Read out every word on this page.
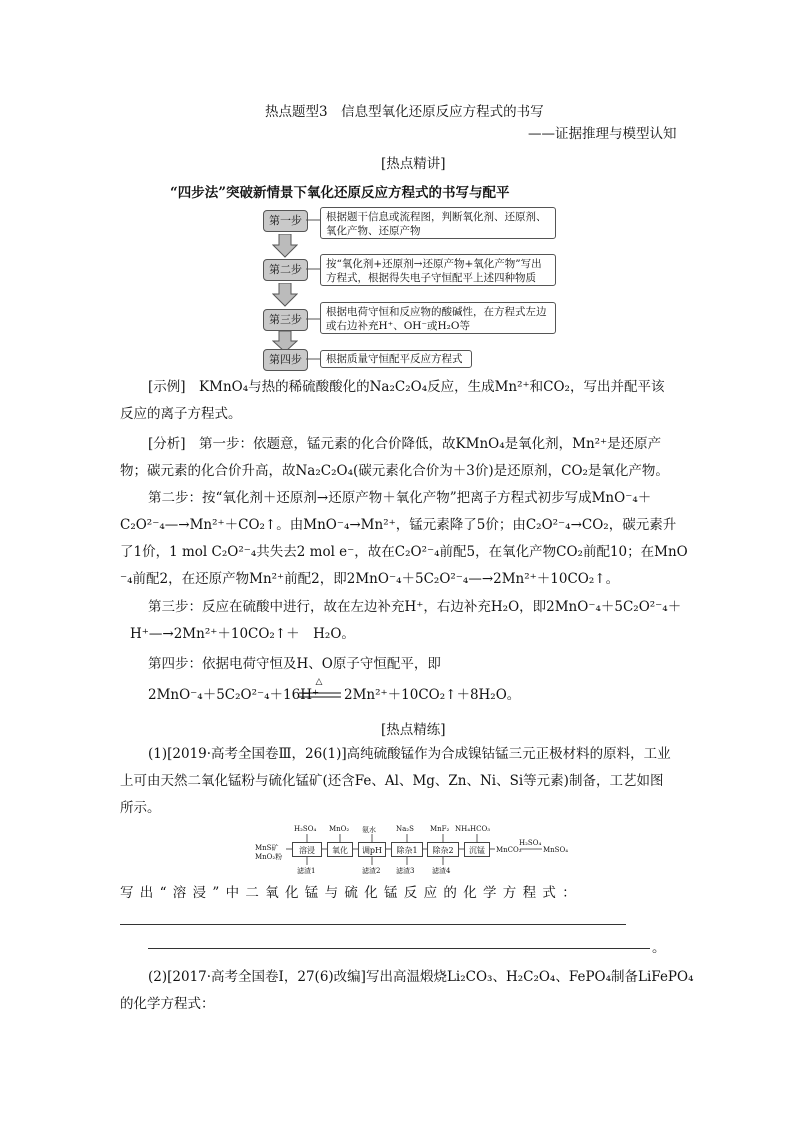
热点题型3　信息型氧化还原反应方程式的书写
——证据推理与模型认知
[热点精讲]
“四步法”突破新情景下氧化还原反应方程式的书写与配平
第一步	根据题干信息或流程图，判断氧化剂、还原剂、氧化产物、还原产物
第二步	按“氧化剂+还原剂→还原产物+氧化产物”写出方程式，根据得失电子守恒配平上述四种物质
第三步
根据电荷守恒和反应物的酸碱性，在方程式左边或右边补充H⁺、OH⁻或H₂O等
第四步	根据质量守恒配平反应方程式
[示例]　KMnO₄与热的稀硫酸酸化的Na₂C₂O₄反应，生成Mn²⁺和CO₂，写出并配平该
反应的离子方程式。
[分析]　第一步：依题意，锰元素的化合价降低，故KMnO₄是氧化剂，Mn²⁺是还原产
物；碳元素的化合价升高，故Na₂C₂O₄(碳元素化合价为＋3价)是还原剂，CO₂是氧化产物。
第二步：按“氧化剂＋还原剂→还原产物＋氧化产物”把离子方程式初步写成MnO⁻₄＋
C₂O²⁻₄—→Mn²⁺＋CO₂↑。由MnO⁻₄→Mn²⁺，锰元素降了5价；由C₂O²⁻₄→CO₂，碳元素升
了1价，1 mol C₂O²⁻₄共失去2 mol e⁻，故在C₂O²⁻₄前配5，在氧化产物CO₂前配10；在MnO
⁻₄前配2，在还原产物Mn²⁺前配2，即2MnO⁻₄＋5C₂O²⁻₄—→2Mn²⁺＋10CO₂↑。
第三步：反应在硫酸中进行，故在左边补充H⁺，右边补充H₂O，即2MnO⁻₄＋5C₂O²⁻₄＋
H⁺—→2Mn²⁺＋10CO₂↑＋　H₂O。
第四步：依据电荷守恒及H、O原子守恒配平，即
2MnO⁻₄＋5C₂O²⁻₄＋16H⁺
△
2Mn²⁺＋10CO₂↑＋8H₂O。
[热点精练]
(1)[2019·高考全国卷Ⅲ，26(1)]高纯硫酸锰作为合成镍钴锰三元正极材料的原料，工业
上可由天然二氧化锰粉与硫化锰矿(还含Fe、Al、Mg、Zn、Ni、Si等元素)制备，工艺如图
所示。
MnS矿
MnO₂粉
溶浸	氧化	调pH	除杂1	除杂2	沉锰
H₂SO₄ MnO₂ 氨水	Na₂S MnF₂ NH₄HCO₃
滤渣1	滤渣2 滤渣3	滤渣4
MnCO₃
H₂SO₄
MnSO₄
写出“溶浸”中二氧化锰与硫化锰反应的化学方程式：
。
(2)[2017·高考全国卷Ⅰ，27(6)改编]写出高温煅烧Li₂CO₃、H₂C₂O₄、FePO₄制备LiFePO₄
的化学方程式：
